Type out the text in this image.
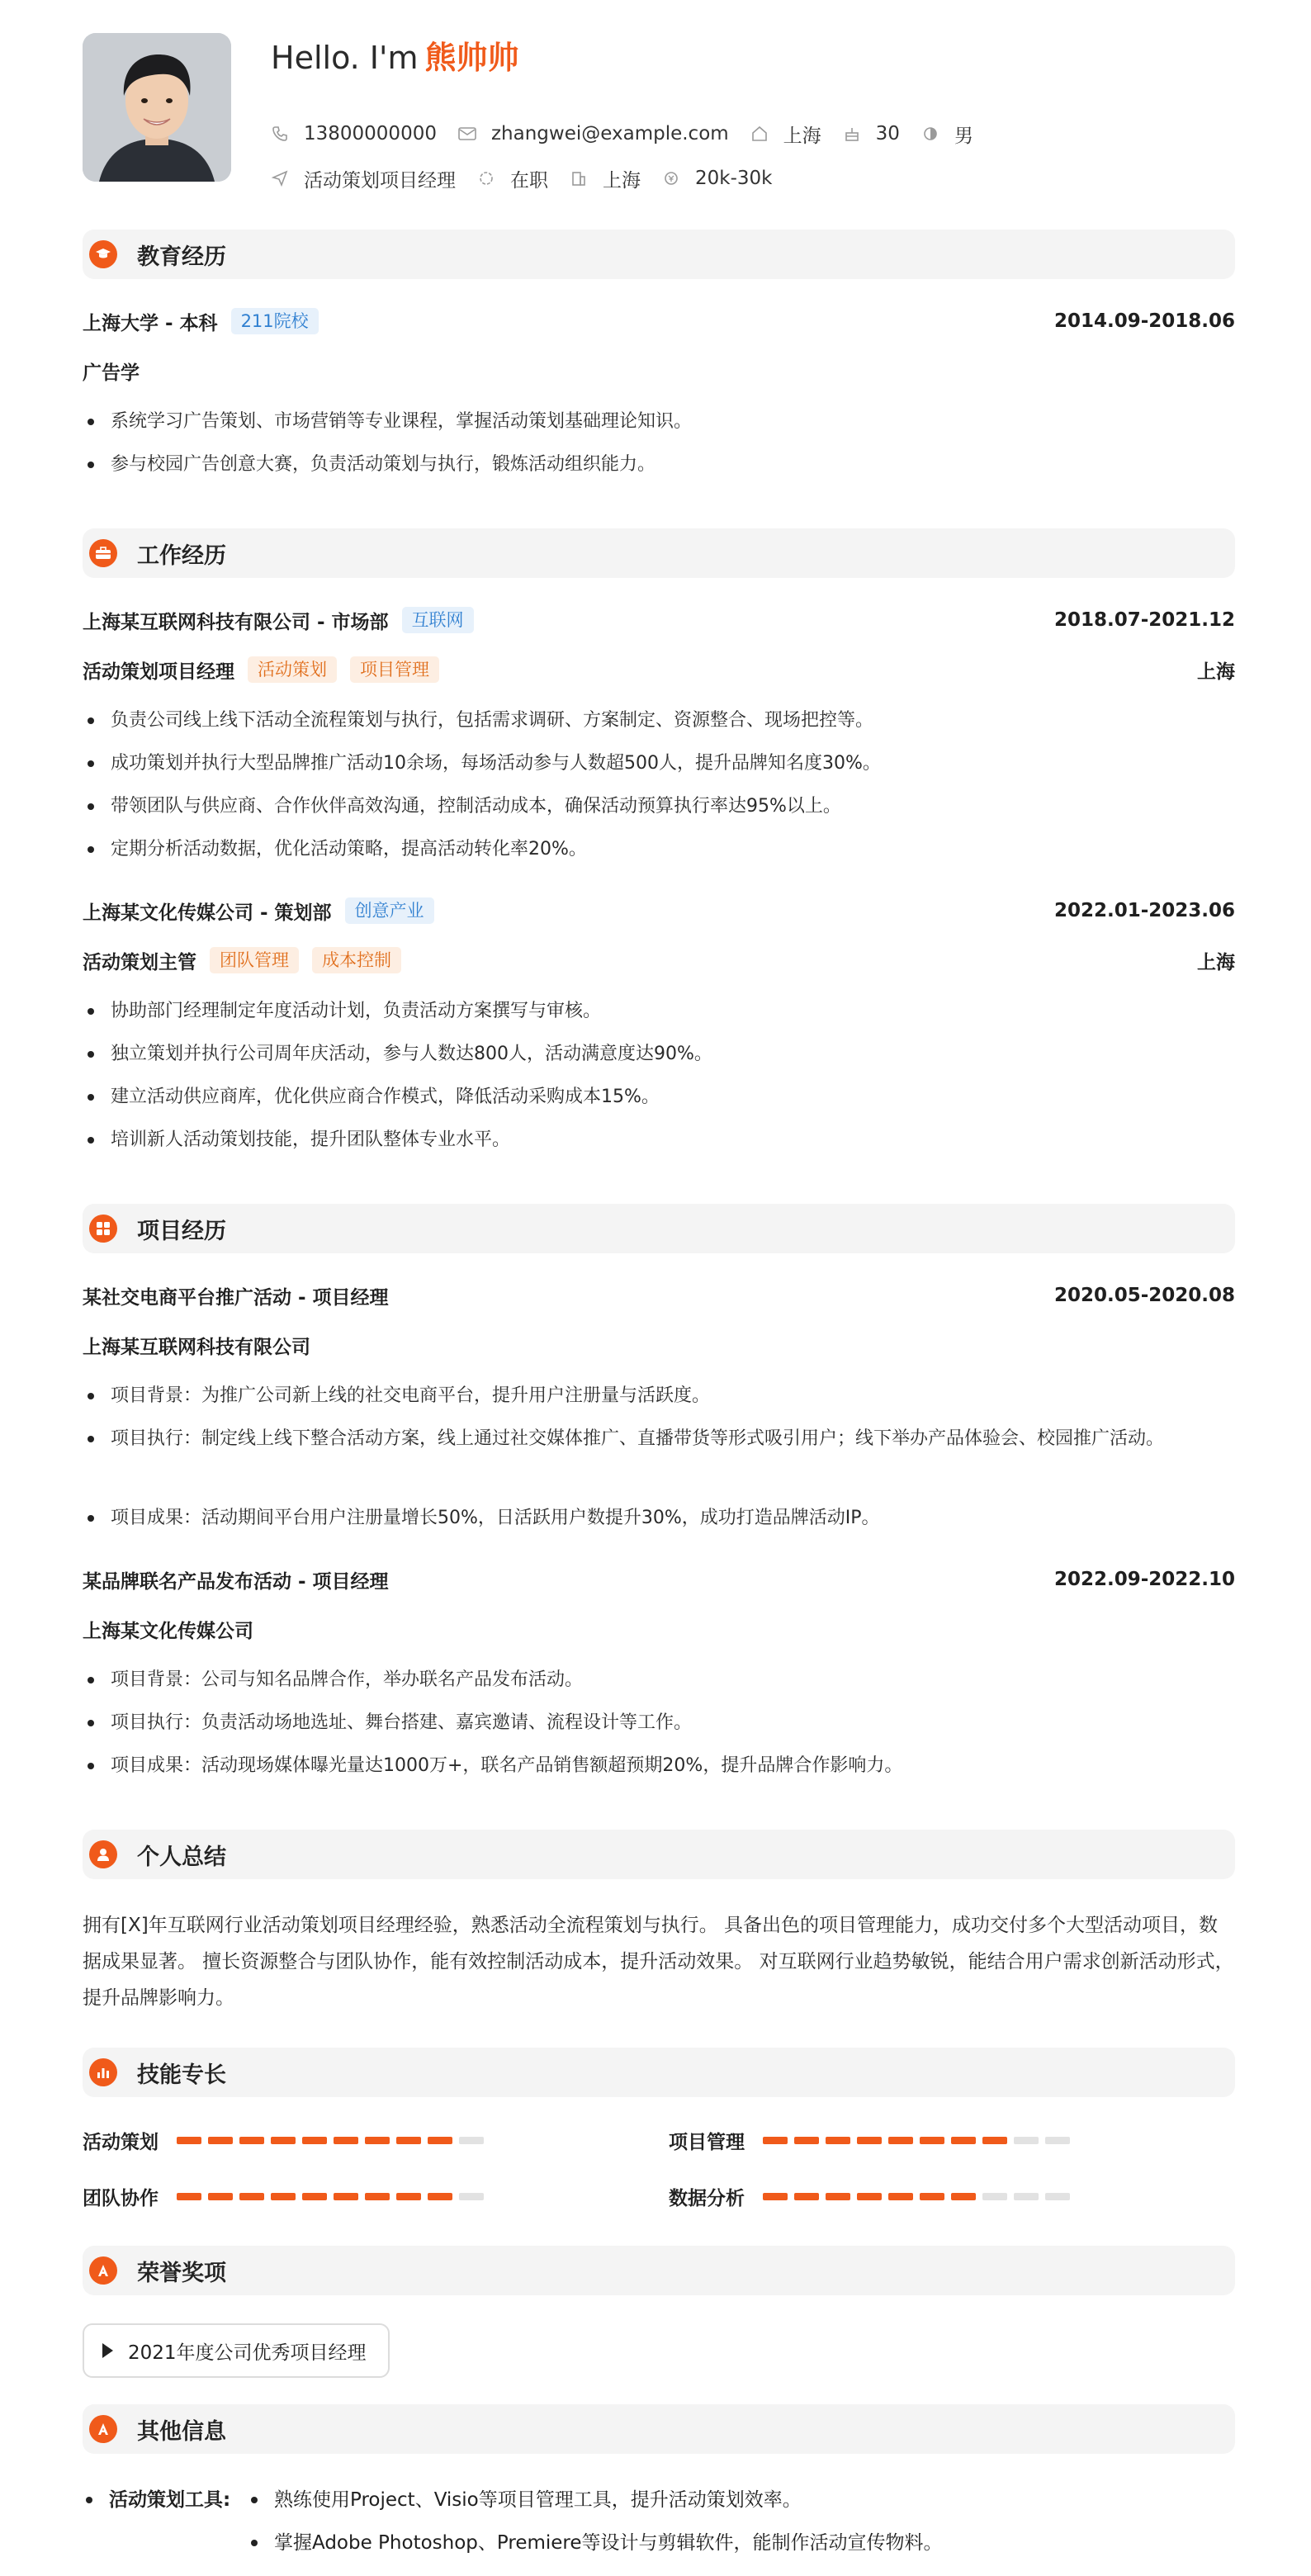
Hello. I'm 熊帅帅
13800000000	zhangwei@example.com	上海	30	男
活动策划项目经理	在职	上海	20k-30k
教育经历
上海大学 - 本科	211院校	2014.09-2018.06
广告学
系统学习广告策划、市场营销等专业课程，掌握活动策划基础理论知识。
参与校园广告创意大赛，负责活动策划与执行，锻炼活动组织能力。
工作经历
上海某互联网科技有限公司 - 市场部	互联网	2018.07-2021.12
活动策划项目经理	活动策划	项目管理	上海
负责公司线上线下活动全流程策划与执行，包括需求调研、方案制定、资源整合、现场把控等。
成功策划并执行大型品牌推广活动10余场，每场活动参与人数超500人，提升品牌知名度30%。
带领团队与供应商、合作伙伴高效沟通，控制活动成本，确保活动预算执行率达95%以上。
定期分析活动数据，优化活动策略，提高活动转化率20%。
上海某文化传媒公司 - 策划部	创意产业	2022.01-2023.06
活动策划主管	团队管理	成本控制	上海
协助部门经理制定年度活动计划，负责活动方案撰写与审核。
独立策划并执行公司周年庆活动，参与人数达800人，活动满意度达90%。
建立活动供应商库，优化供应商合作模式，降低活动采购成本15%。
培训新人活动策划技能，提升团队整体专业水平。
项目经历
某社交电商平台推广活动 - 项目经理	2020.05-2020.08
上海某互联网科技有限公司
项目背景：为推广公司新上线的社交电商平台，提升用户注册量与活跃度。
项目执行：制定线上线下整合活动方案，线上通过社交媒体推广、直播带货等形式吸引用户；线下举办产品体验会、校园推广活动。
项目成果：活动期间平台用户注册量增长50%，日活跃用户数提升30%，成功打造品牌活动IP。
某品牌联名产品发布活动 - 项目经理	2022.09-2022.10
上海某文化传媒公司
项目背景：公司与知名品牌合作，举办联名产品发布活动。
项目执行：负责活动场地选址、舞台搭建、嘉宾邀请、流程设计等工作。
项目成果：活动现场媒体曝光量达1000万+，联名产品销售额超预期20%，提升品牌合作影响力。
个人总结
拥有[X]年互联网行业活动策划项目经理经验，熟悉活动全流程策划与执行。 具备出色的项目管理能力，成功交付多个大型活动项目，数据成果显著。 擅长资源整合与团队协作，能有效控制活动成本，提升活动效果。 对互联网行业趋势敏锐，能结合用户需求创新活动形式，提升品牌影响力。
技能专长
活动策划	项目管理
团队协作	数据分析
荣誉奖项
2021年度公司优秀项目经理
其他信息
活动策划工具:	熟练使用Project、Visio等项目管理工具，提升活动策划效率。
掌握Adobe Photoshop、Premiere等设计与剪辑软件，能制作活动宣传物料。
